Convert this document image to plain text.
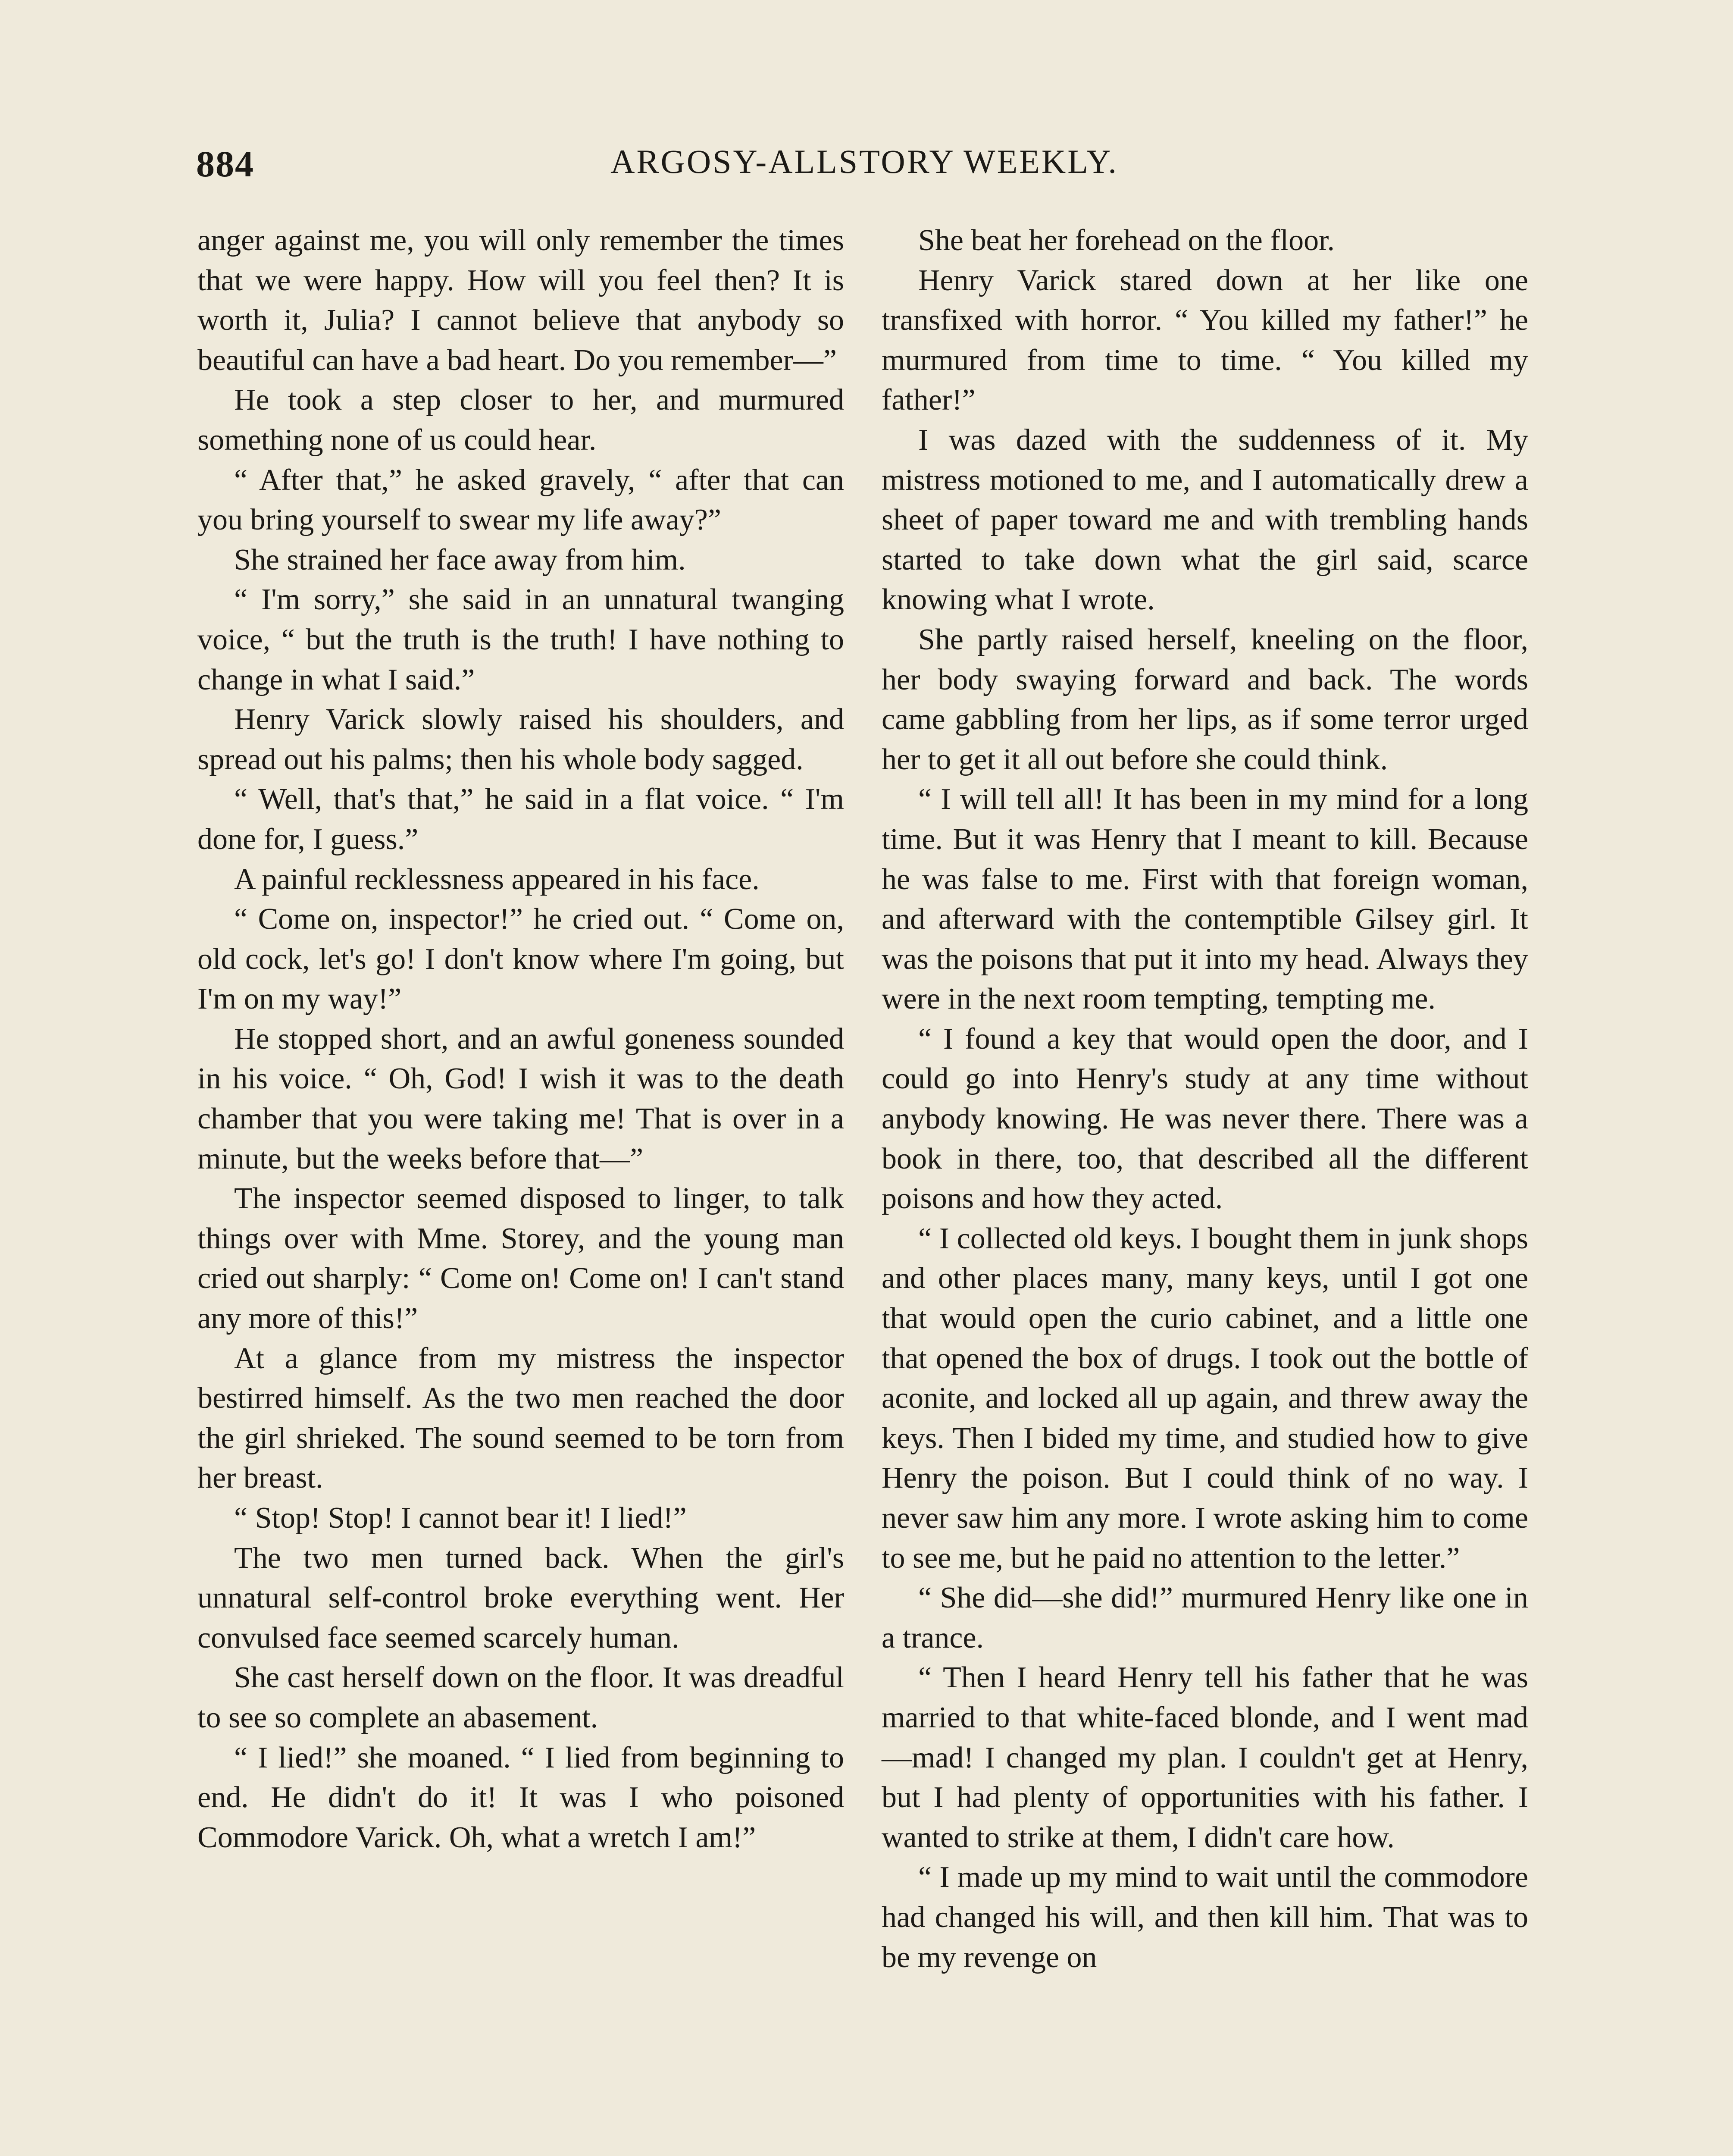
884	ARGOSY-ALLSTORY WEEKLY.

anger against me, you will only remember the times that we were happy. How will you feel then? It is worth it, Julia? I cannot believe that anybody so beautiful can have a bad heart. Do you remember—”

He took a step closer to her, and murmured something none of us could hear.

“ After that,” he asked gravely, “ after that can you bring yourself to swear my life away?”

She strained her face away from him.

“ I'm sorry,” she said in an unnatural twanging voice, “ but the truth is the truth! I have nothing to change in what I said.”

Henry Varick slowly raised his shoulders, and spread out his palms; then his whole body sagged.

“ Well, that's that,” he said in a flat voice. “ I'm done for, I guess.”

A painful recklessness appeared in his face.

“ Come on, inspector!” he cried out. “ Come on, old cock, let's go! I don't know where I'm going, but I'm on my way!”

He stopped short, and an awful goneness sounded in his voice. “ Oh, God! I wish it was to the death chamber that you were taking me! That is over in a minute, but the weeks before that—”

The inspector seemed disposed to linger, to talk things over with Mme. Storey, and the young man cried out sharply: “ Come on! Come on! I can't stand any more of this!”

At a glance from my mistress the inspector bestirred himself. As the two men reached the door the girl shrieked. The sound seemed to be torn from her breast.

“ Stop! Stop! I cannot bear it! I lied!”

The two men turned back. When the girl's unnatural self-control broke everything went. Her convulsed face seemed scarcely human.

She cast herself down on the floor. It was dreadful to see so complete an abasement.

“ I lied!” she moaned. “ I lied from beginning to end. He didn't do it! It was I who poisoned Commodore Varick. Oh, what a wretch I am!”

She beat her forehead on the floor.

Henry Varick stared down at her like one transfixed with horror. “ You killed my father!” he murmured from time to time. “ You killed my father!”

I was dazed with the suddenness of it. My mistress motioned to me, and I automatically drew a sheet of paper toward me and with trembling hands started to take down what the girl said, scarce knowing what I wrote.

She partly raised herself, kneeling on the floor, her body swaying forward and back. The words came gabbling from her lips, as if some terror urged her to get it all out before she could think.

“ I will tell all! It has been in my mind for a long time. But it was Henry that I meant to kill. Because he was false to me. First with that foreign woman, and afterward with the contemptible Gilsey girl. It was the poisons that put it into my head. Always they were in the next room tempting, tempting me.

“ I found a key that would open the door, and I could go into Henry's study at any time without anybody knowing. He was never there. There was a book in there, too, that described all the different poisons and how they acted.

“ I collected old keys. I bought them in junk shops and other places many, many keys, until I got one that would open the curio cabinet, and a little one that opened the box of drugs. I took out the bottle of aconite, and locked all up again, and threw away the keys. Then I bided my time, and studied how to give Henry the poison. But I could think of no way. I never saw him any more. I wrote asking him to come to see me, but he paid no attention to the letter.”

“ She did—she did!” murmured Henry like one in a trance.

“ Then I heard Henry tell his father that he was married to that white-faced blonde, and I went mad—mad! I changed my plan. I couldn't get at Henry, but I had plenty of opportunities with his father. I wanted to strike at them, I didn't care how.

“ I made up my mind to wait until the commodore had changed his will, and then kill him. That was to be my revenge on
